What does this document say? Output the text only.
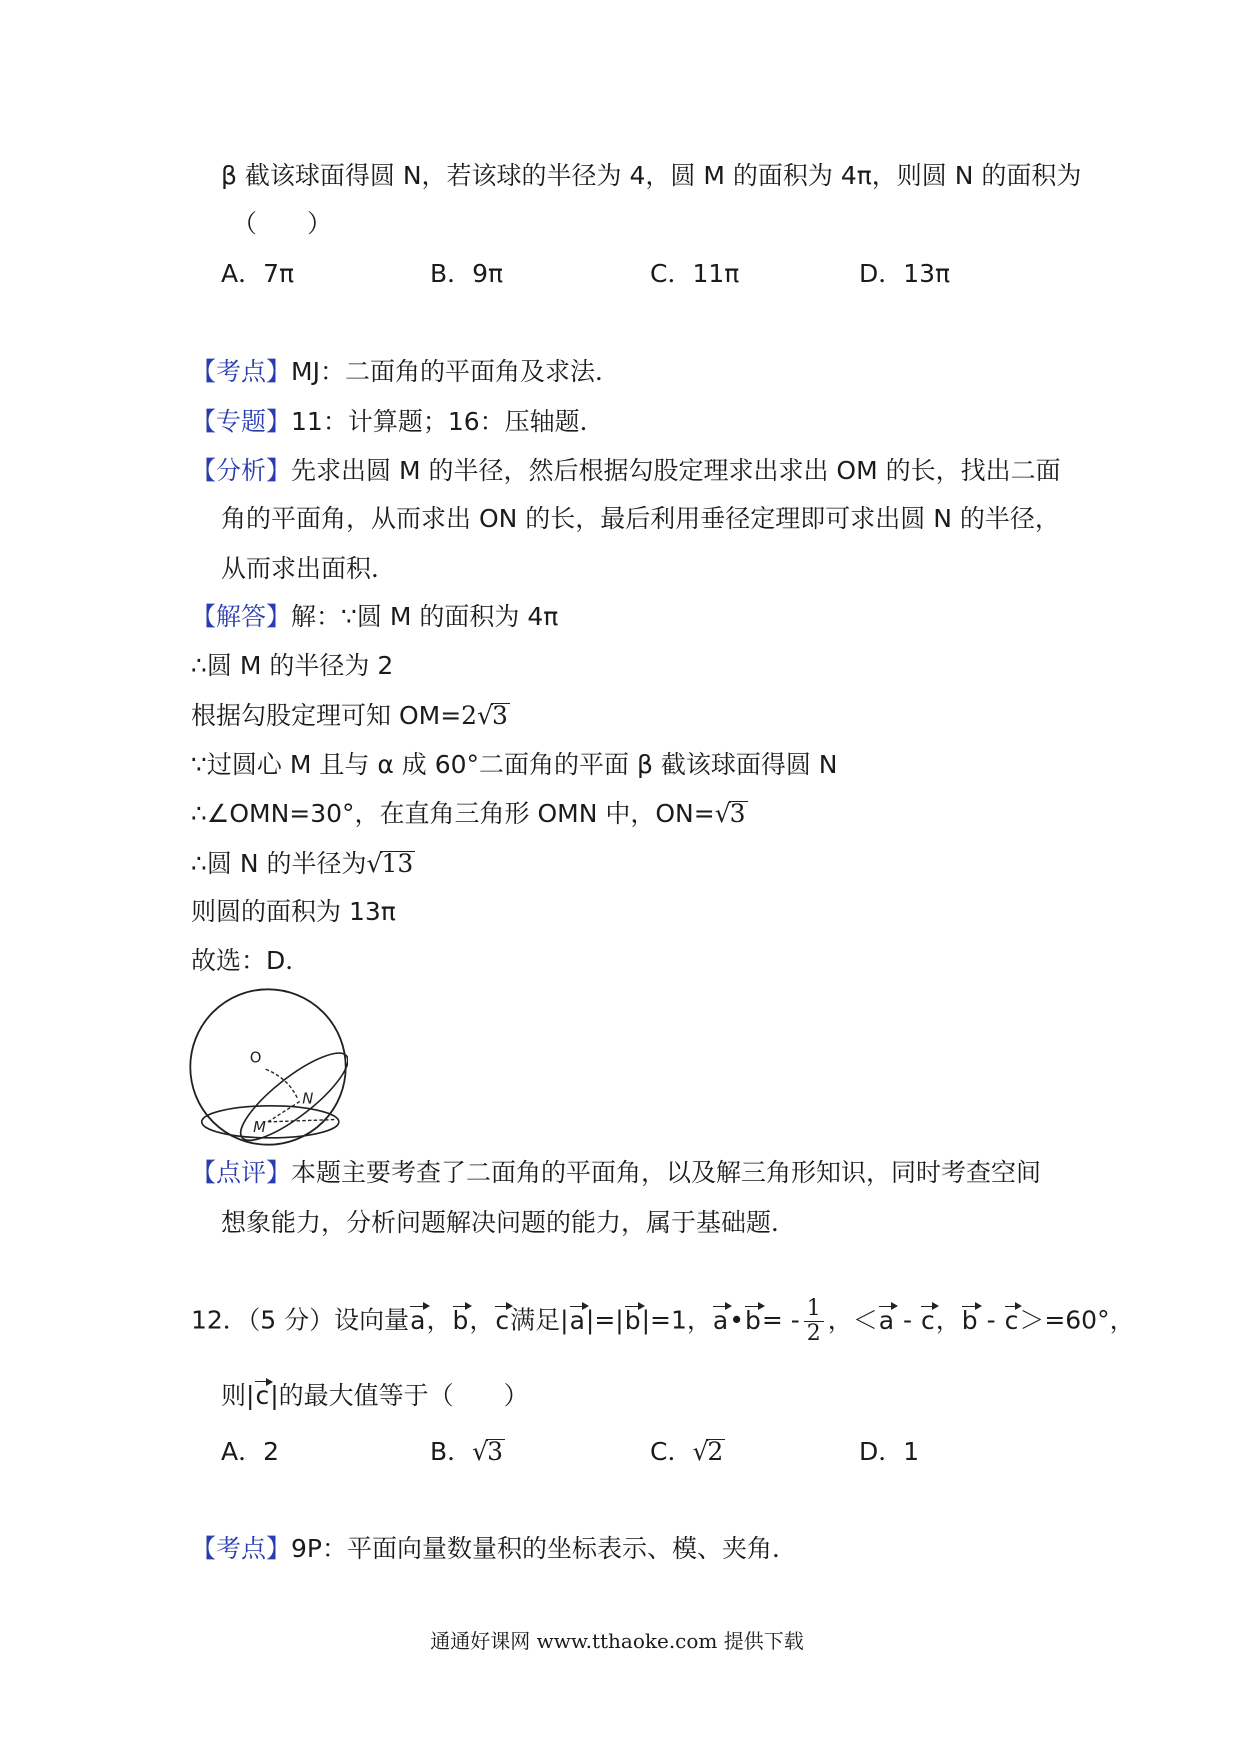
β 截该球面得圆 N，若该球的半径为 4，圆 M 的面积为 4π，则圆 N 的面积为
（　　）
A．7π	B．9π	C．11π	D．13π
【考点】MJ：二面角的平面角及求法．
【专题】11：计算题；16：压轴题．
【分析】先求出圆 M 的半径，然后根据勾股定理求出求出 OM 的长，找出二面
角的平面角，从而求出 ON 的长，最后利用垂径定理即可求出圆 N 的半径，
从而求出面积．
【解答】解：∵圆 M 的面积为 4π
∴圆 M 的半径为 2
根据勾股定理可知 OM=2√3
∵过圆心 M 且与 α 成 60°二面角的平面 β 截该球面得圆 N
∴∠OMN=30°，在直角三角形 OMN 中，ON=√3
∴圆 N 的半径为√13
则圆的面积为 13π
故选：D．
O
N
M
【点评】本题主要考查了二面角的平面角，以及解三角形知识，同时考查空间
想象能力，分析问题解决问题的能力，属于基础题．
12．（5 分）设向量a，b，c满足|a|=|b|=1，a•b= - $\frac{1}{2}$ ，＜a - c，b - c＞=60°，
则|c|的最大值等于（　　）
A．2	B．√3	C．√2	D．1
【考点】9P：平面向量数量积的坐标表示、模、夹角．
通通好课网 www.tthaoke.com 提供下载
